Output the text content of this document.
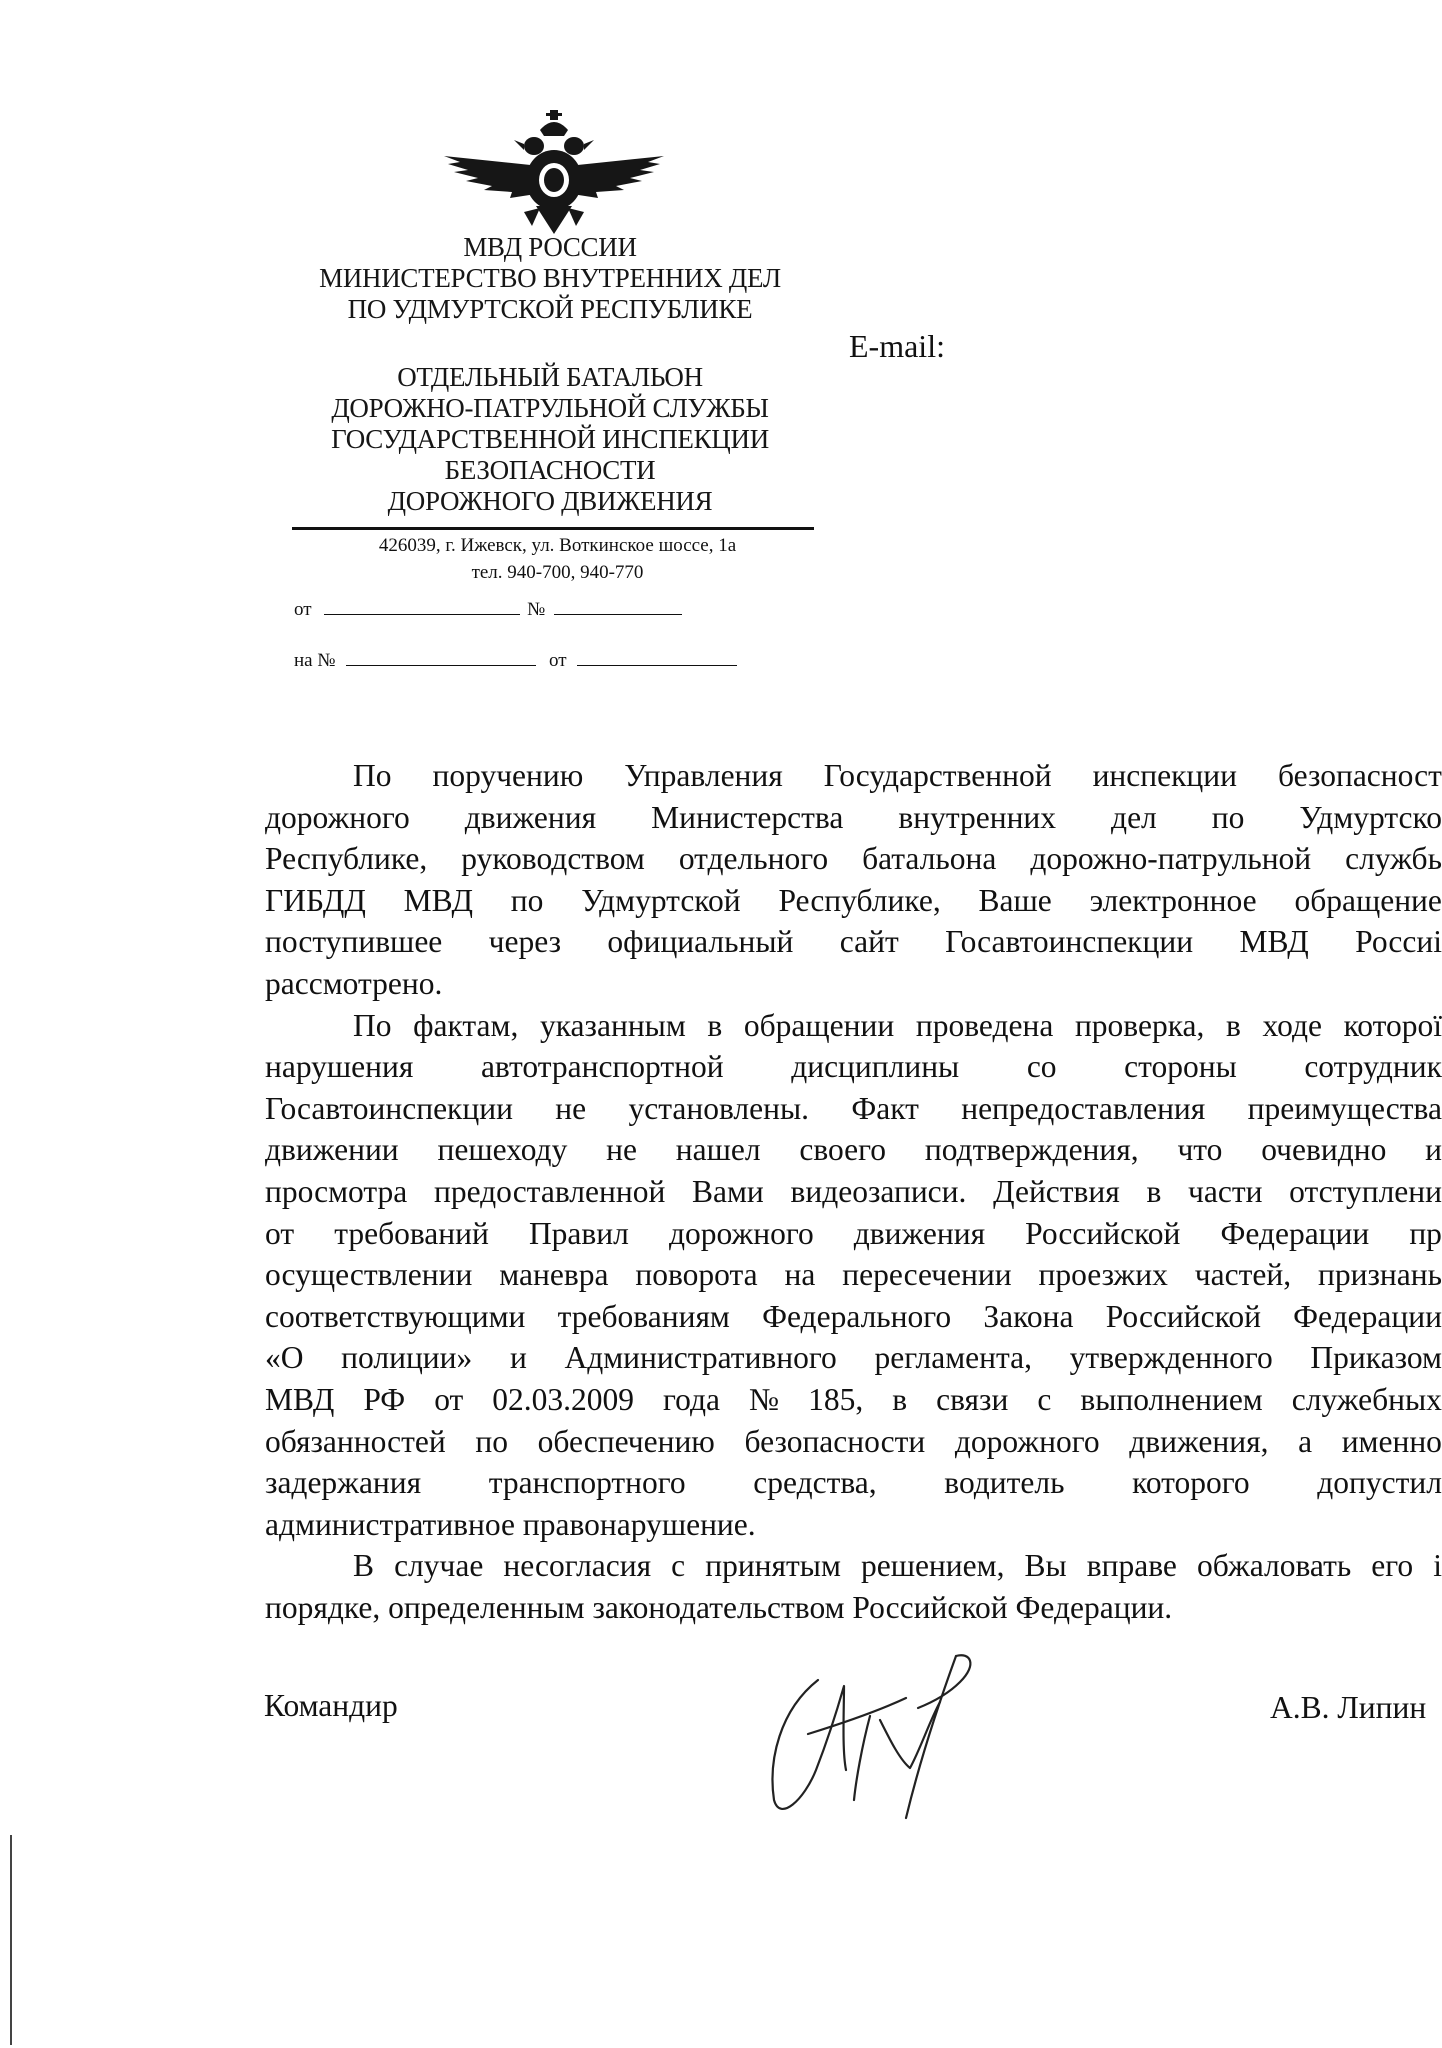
МВД РОССИИ
МИНИСТЕРСТВО ВНУТРЕННИХ ДЕЛ
ПО УДМУРТСКОЙ РЕСПУБЛИКЕ
ОТДЕЛЬНЫЙ БАТАЛЬОН
ДОРОЖНО-ПАТРУЛЬНОЙ СЛУЖБЫ
ГОСУДАРСТВЕННОЙ ИНСПЕКЦИИ
БЕЗОПАСНОСТИ
ДОРОЖНОГО ДВИЖЕНИЯ
426039, г. Ижевск, ул. Воткинское шоссе, 1а
тел. 940-700, 940-770
E-mail:
от	№
на №	от
По поручению Управления Государственной инспекции безопасност
дорожного движения Министерства внутренних дел по Удмуртско
Республике, руководством отдельного батальона дорожно-патрульной службь
ГИБДД МВД по Удмуртской Республике, Ваше электронное обращение
поступившее через официальный сайт Госавтоинспекции МВД Россиі
рассмотрено.
По фактам, указанным в обращении проведена проверка, в ходе которої
нарушения автотранспортной дисциплины со стороны сотрудник
Госавтоинспекции не установлены. Факт непредоставления преимущества
движении пешеходу не нашел своего подтверждения, что очевидно и
просмотра предоставленной Вами видеозаписи. Действия в части отступлени
от требований Правил дорожного движения Российской Федерации пр
осуществлении маневра поворота на пересечении проезжих частей, признань
соответствующими требованиям Федерального Закона Российской Федерации
«О полиции» и Административного регламента, утвержденного Приказом
МВД РФ от 02.03.2009 года № 185, в связи с выполнением служебных
обязанностей по обеспечению безопасности дорожного движения, а именно
задержания транспортного средства, водитель которого допустил
административное правонарушение.
В случае несогласия с принятым решением, Вы вправе обжаловать его і
порядке, определенным законодательством Российской Федерации.
Командир	А.В. Липин
